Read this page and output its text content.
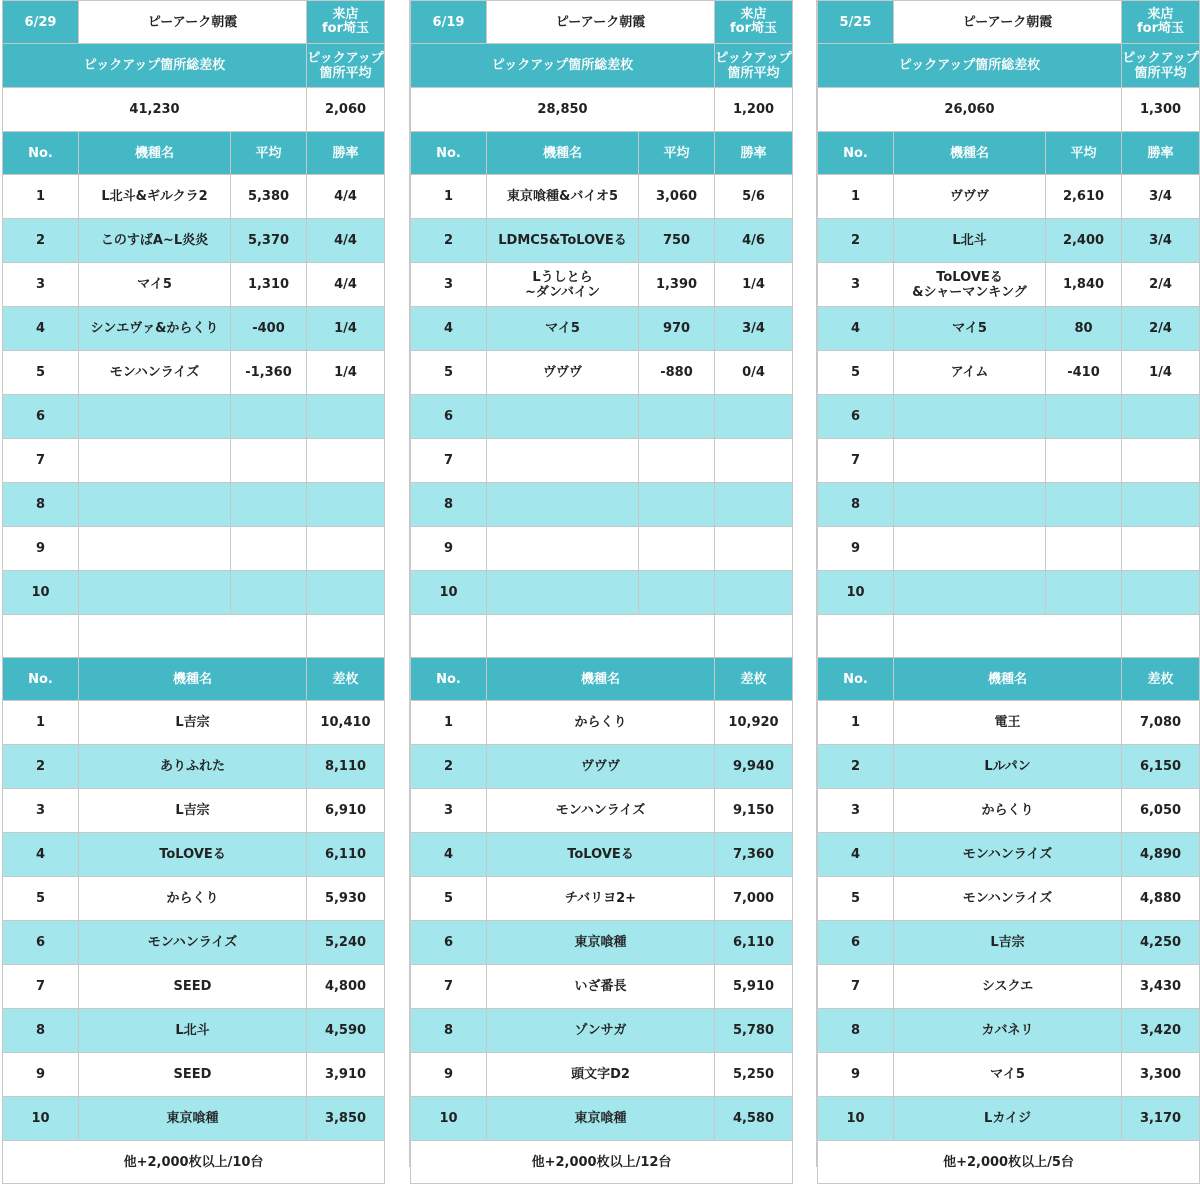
6/29	ピーアーク朝霞		来店
for埼玉

ピックアップ箇所総差枚			ピックアップ箇所平均
41,230			2,060
No.	機種名	平均	勝率
1	L北斗&ギルクラ2	5,380	4/4
2	このすばA~L炎炎	5,370	4/4
3	マイ5	1,310	4/4
4	シンエヴァ&からくり	-400	1/4
5	モンハンライズ	-1,360	1/4
6			
7			
8			
9			
10			

No.	機種名		差枚
1	L吉宗		10,410
2	ありふれた		8,110
3	L吉宗		6,910
4	ToLOVEる		6,110
5	からくり		5,930
6	モンハンライズ		5,240
7	SEED		4,800
8	L北斗		4,590
9	SEED		3,910
10	東京喰種		3,850
他+2,000枚以上/10台			
6/19	ピーアーク朝霞		来店
for埼玉

ピックアップ箇所総差枚			ピックアップ箇所平均
28,850			1,200
No.	機種名	平均	勝率
1	東京喰種&バイオ5	3,060	5/6
2	LDMC5&ToLOVEる	750	4/6
3	Lうしとら
~ダンバイン	1,390	1/4
4	マイ5	970	3/4
5	ヴヴヴ	-880	0/4
6			
7			
8			
9			
10			

No.	機種名		差枚
1	からくり		10,920
2	ヴヴヴ		9,940
3	モンハンライズ		9,150
4	ToLOVEる		7,360
5	チバリヨ2+		7,000
6	東京喰種		6,110
7	いざ番長		5,910
8	ゾンサガ		5,780
9	頭文字D2		5,250
10	東京喰種		4,580
他+2,000枚以上/12台			
5/25	ピーアーク朝霞		来店
for埼玉

ピックアップ箇所総差枚			ピックアップ箇所平均
26,060			1,300
No.	機種名	平均	勝率
1	ヴヴヴ	2,610	3/4
2	L北斗	2,400	3/4
3	ToLOVEる
&シャーマンキング	1,840	2/4
4	マイ5	80	2/4
5	アイム	-410	1/4
6			
7			
8			
9			
10			

No.	機種名		差枚
1	電王		7,080
2	Lルパン		6,150
3	からくり		6,050
4	モンハンライズ		4,890
5	モンハンライズ		4,880
6	L吉宗		4,250
7	シスクエ		3,430
8	カバネリ		3,420
9	マイ5		3,300
10	Lカイジ		3,170
他+2,000枚以上/5台			
